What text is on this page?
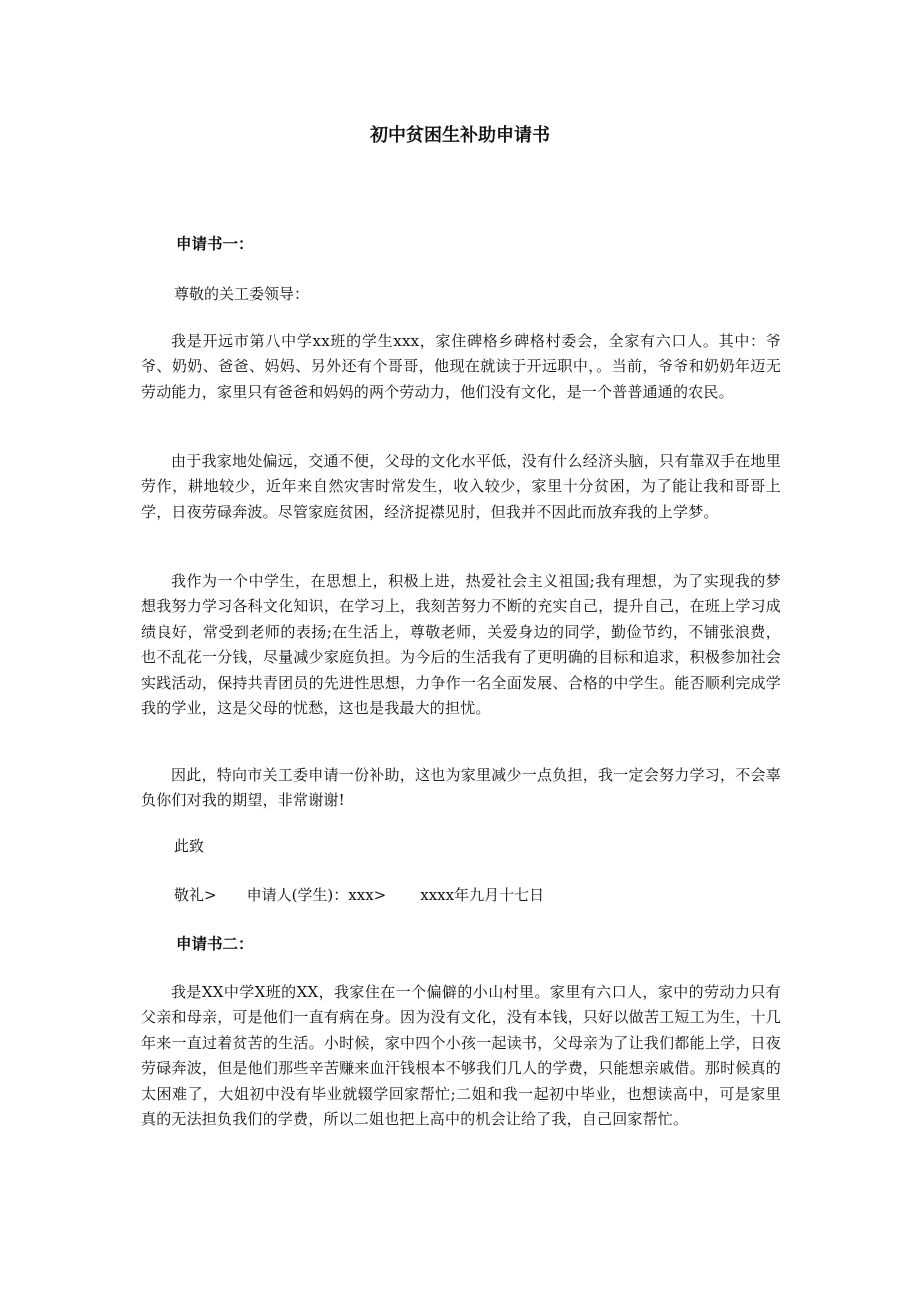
初中贫困生补助申请书
申请书一：

尊敬的关工委领导：

我是开远市第八中学xx班的学生xxx，家住碑格乡碑格村委会，全家有六口人。其中：爷爷、奶奶、爸爸、妈妈、另外还有个哥哥，他现在就读于开远职中，。当前，爷爷和奶奶年迈无劳动能力，家里只有爸爸和妈妈的两个劳动力，他们没有文化，是一个普普通通的农民。

由于我家地处偏远，交通不便，父母的文化水平低，没有什么经济头脑，只有靠双手在地里劳作，耕地较少，近年来自然灾害时常发生，收入较少，家里十分贫困，为了能让我和哥哥上学，日夜劳碌奔波。尽管家庭贫困，经济捉襟见肘，但我并不因此而放弃我的上学梦。

我作为一个中学生，在思想上，积极上进，热爱社会主义祖国;我有理想，为了实现我的梦想我努力学习各科文化知识，在学习上，我刻苦努力不断的充实自己，提升自己，在班上学习成绩良好，常受到老师的表扬;在生活上，尊敬老师，关爱身边的同学，勤俭节约，不铺张浪费，也不乱花一分钱，尽量减少家庭负担。为今后的生活我有了更明确的目标和追求，积极参加社会实践活动，保持共青团员的先进性思想，力争作一名全面发展、合格的中学生。能否顺利完成学我的学业，这是父母的忧愁，这也是我最大的担忧。

因此，特向市关工委申请一份补助，这也为家里减少一点负担，我一定会努力学习，不会辜负你们对我的期望，非常谢谢!

此致

敬礼> 申请人(学生)：xxx> xxxx年九月十七日

申请书二：

我是XX中学X班的XX，我家住在一个偏僻的小山村里。家里有六口人，家中的劳动力只有父亲和母亲，可是他们一直有病在身。因为没有文化，没有本钱，只好以做苦工短工为生，十几年来一直过着贫苦的生活。小时候，家中四个小孩一起读书，父母亲为了让我们都能上学，日夜劳碌奔波，但是他们那些辛苦赚来血汗钱根本不够我们几人的学费，只能想亲戚借。那时候真的太困难了，大姐初中没有毕业就辍学回家帮忙;二姐和我一起初中毕业，也想读高中，可是家里真的无法担负我们的学费，所以二姐也把上高中的机会让给了我，自己回家帮忙。
